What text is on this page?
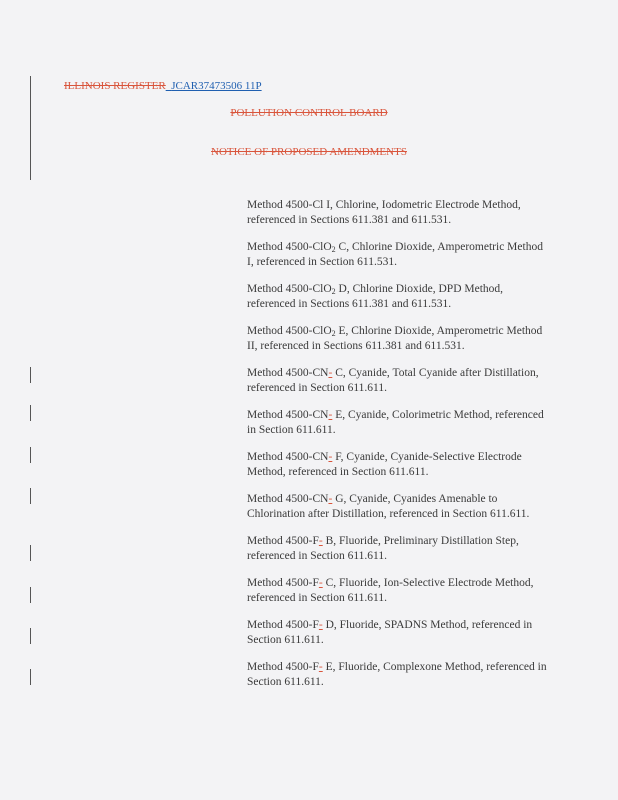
ILLINOIS REGISTER_JCAR37473506 11P
POLLUTION CONTROL BOARD
NOTICE OF PROPOSED AMENDMENTS

Method 4500-Cl I, Chlorine, Iodometric Electrode Method, referenced in Sections 611.381 and 611.531.

Method 4500-ClO$_2$ C, Chlorine Dioxide, Amperometric Method I, referenced in Section 611.531.

Method 4500-ClO$_2$ D, Chlorine Dioxide, DPD Method, referenced in Sections 611.381 and 611.531.

Method 4500-ClO$_2$ E, Chlorine Dioxide, Amperometric Method II, referenced in Sections 611.381 and 611.531.

Method 4500-CN- C, Cyanide, Total Cyanide after Distillation, referenced in Section 611.611.

Method 4500-CN- E, Cyanide, Colorimetric Method, referenced in Section 611.611.

Method 4500-CN- F, Cyanide, Cyanide-Selective Electrode Method, referenced in Section 611.611.

Method 4500-CN- G, Cyanide, Cyanides Amenable to Chlorination after Distillation, referenced in Section 611.611.

Method 4500-F- B, Fluoride, Preliminary Distillation Step, referenced in Section 611.611.

Method 4500-F- C, Fluoride, Ion-Selective Electrode Method, referenced in Section 611.611.

Method 4500-F- D, Fluoride, SPADNS Method, referenced in Section 611.611.

Method 4500-F- E, Fluoride, Complexone Method, referenced in Section 611.611.
